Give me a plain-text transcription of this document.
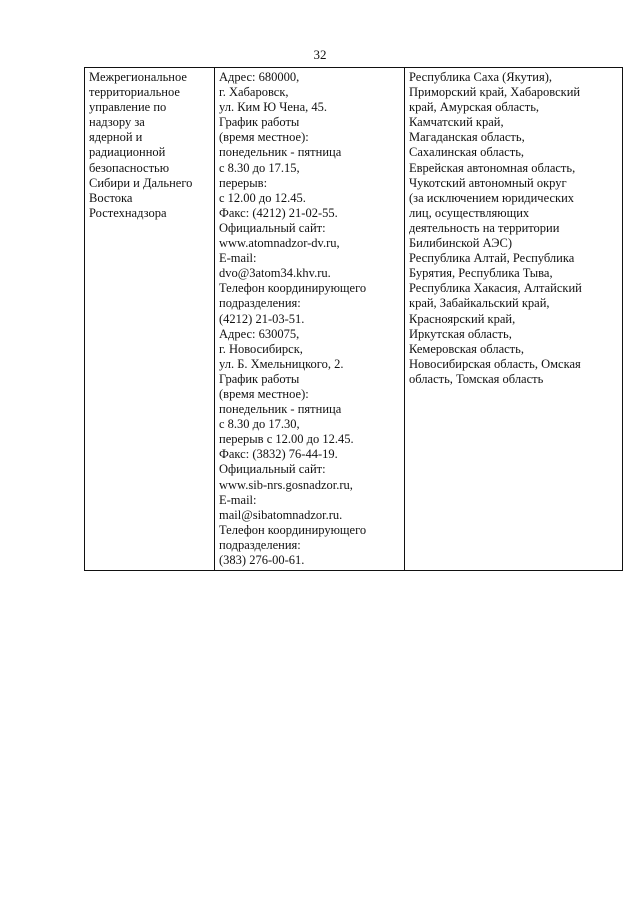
32
Межрегиональное
территориальное
управление по
надзору за
ядерной и
радиационной
безопасностью
Сибири и Дальнего
Востока
Ростехнадзора	Адрес: 680000,
г. Хабаровск,
ул. Ким Ю Чена, 45.
График работы
(время местное):
понедельник - пятница
с 8.30 до 17.15,
перерыв:
с 12.00 до 12.45.
Факс: (4212) 21-02-55.
Официальный сайт:
www.atomnadzor-dv.ru,
E-mail:
dvo@3atom34.khv.ru.
Телефон координирующего
подразделения:
(4212) 21-03-51.
Адрес: 630075,
г. Новосибирск,
ул. Б. Хмельницкого, 2.
График работы
(время местное):
понедельник - пятница
с 8.30 до 17.30,
перерыв с 12.00 до 12.45.
Факс: (3832) 76-44-19.
Официальный сайт:
www.sib-nrs.gosnadzor.ru,
E-mail:
mail@sibatomnadzor.ru.
Телефон координирующего
подразделения:
(383) 276-00-61.	Республика Саха (Якутия),
Приморский край, Хабаровский
край, Амурская область,
Камчатский край,
Магаданская область,
Сахалинская область,
Еврейская автономная область,
Чукотский автономный округ
(за исключением юридических
лиц, осуществляющих
деятельность на территории
Билибинской АЭС)
Республика Алтай, Республика
Бурятия, Республика Тыва,
Республика Хакасия, Алтайский
край, Забайкальский край,
Красноярский край,
Иркутская область,
Кемеровская область,
Новосибирская область, Омская
область, Томская область
